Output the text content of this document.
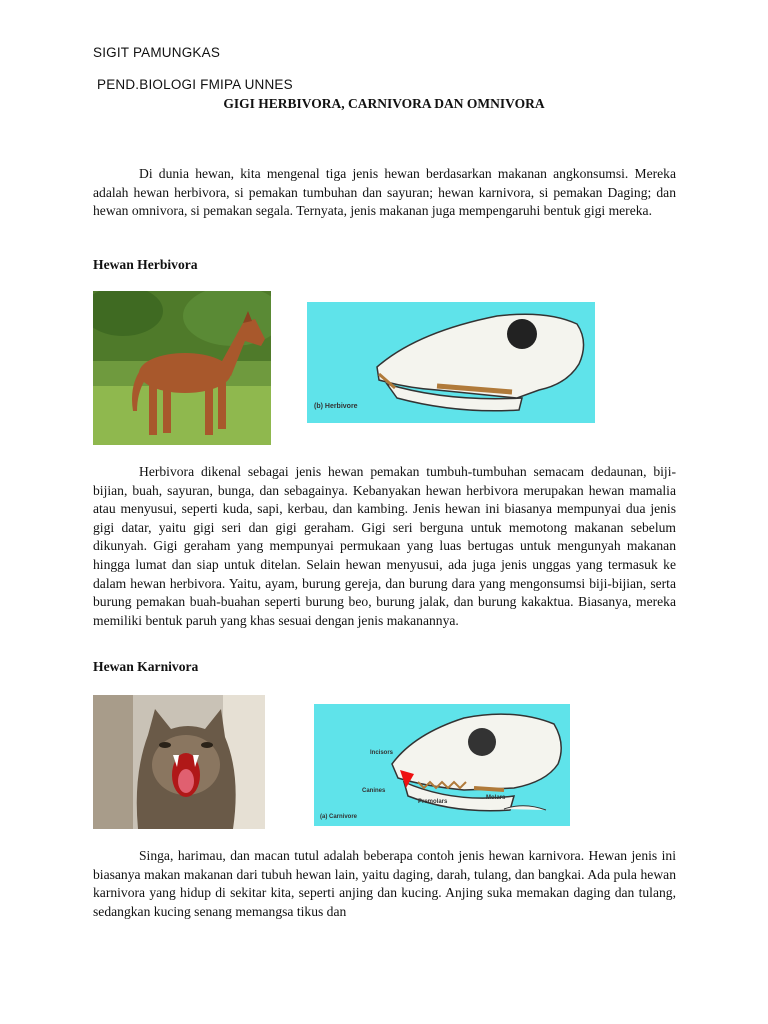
SIGIT PAMUNGKAS
PEND.BIOLOGI FMIPA UNNES
GIGI HERBIVORA, CARNIVORA DAN OMNIVORA

Di dunia hewan, kita mengenal tiga jenis hewan berdasarkan makanan angkonsumsi. Mereka adalah hewan herbivora, si pemakan tumbuhan dan sayuran; hewan karnivora, si pemakan Daging; dan hewan omnivora, si pemakan segala. Ternyata, jenis makanan juga mempengaruhi bentuk gigi mereka.

Hewan Herbivora
(b) Herbivore

Herbivora dikenal sebagai jenis hewan pemakan tumbuh-tumbuhan semacam dedaunan, biji-bijian, buah, sayuran, bunga, dan sebagainya. Kebanyakan hewan herbivora merupakan hewan mamalia atau menyusui, seperti kuda, sapi, kerbau, dan kambing. Jenis hewan ini biasanya mempunyai dua jenis gigi datar, yaitu gigi seri dan gigi geraham. Gigi seri berguna untuk memotong makanan sebelum dikunyah. Gigi geraham yang mempunyai permukaan yang luas bertugas untuk mengunyah makanan hingga lumat dan siap untuk ditelan. Selain hewan menyusui, ada juga jenis unggas yang termasuk ke dalam hewan herbivora. Yaitu, ayam, burung gereja, dan burung dara yang mengonsumsi biji-bijian, serta burung pemakan buah-buahan seperti burung beo, burung jalak, dan burung kakaktua. Biasanya, mereka memiliki bentuk paruh yang khas sesuai dengan jenis makanannya.

Hewan Karnivora
Incisors
Canines
Premolars
Molars
(a) Carnivore

Singa, harimau, dan macan tutul adalah beberapa contoh jenis hewan karnivora. Hewan jenis ini biasanya makan makanan dari tubuh hewan lain, yaitu daging, darah, tulang, dan bangkai. Ada pula hewan karnivora yang hidup di sekitar kita, seperti anjing dan kucing. Anjing suka memakan daging dan tulang, sedangkan kucing senang memangsa tikus dan
